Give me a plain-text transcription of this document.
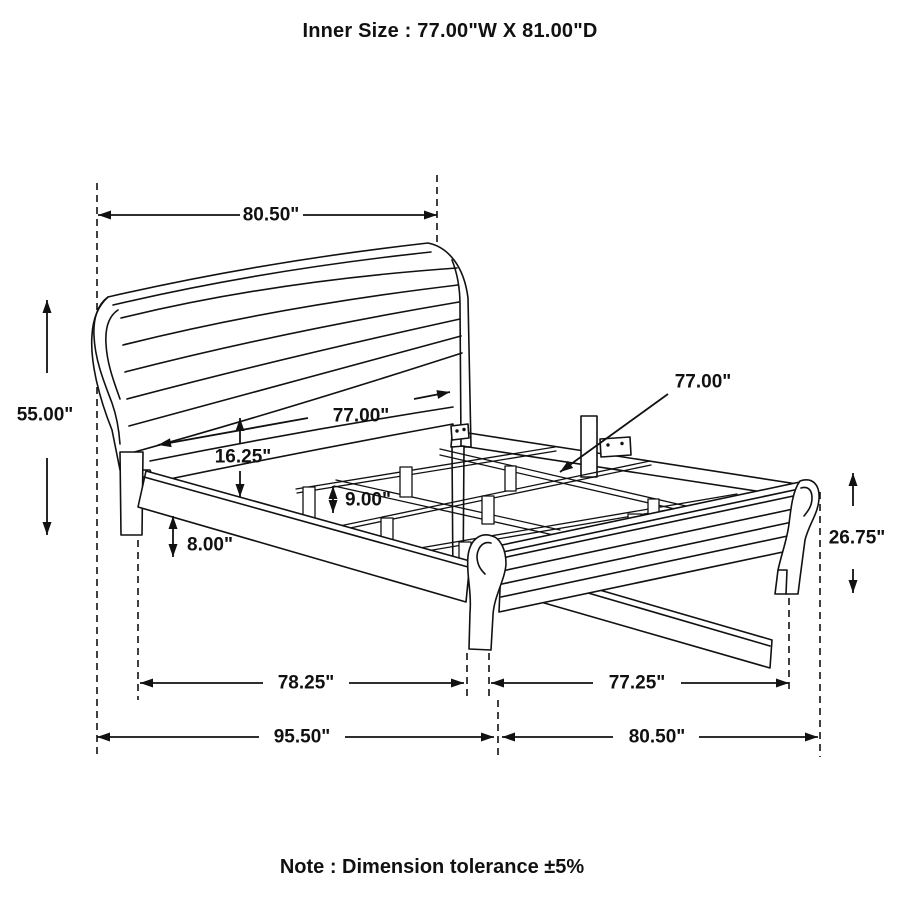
Inner Size : 77.00"W X 81.00"D
80.50"
55.00"	77.00"
16.25"
9.00"
8.00"
77.00"
26.75"
78.25"	77.25"
95.50"	80.50"
Note : Dimension tolerance ±5%
